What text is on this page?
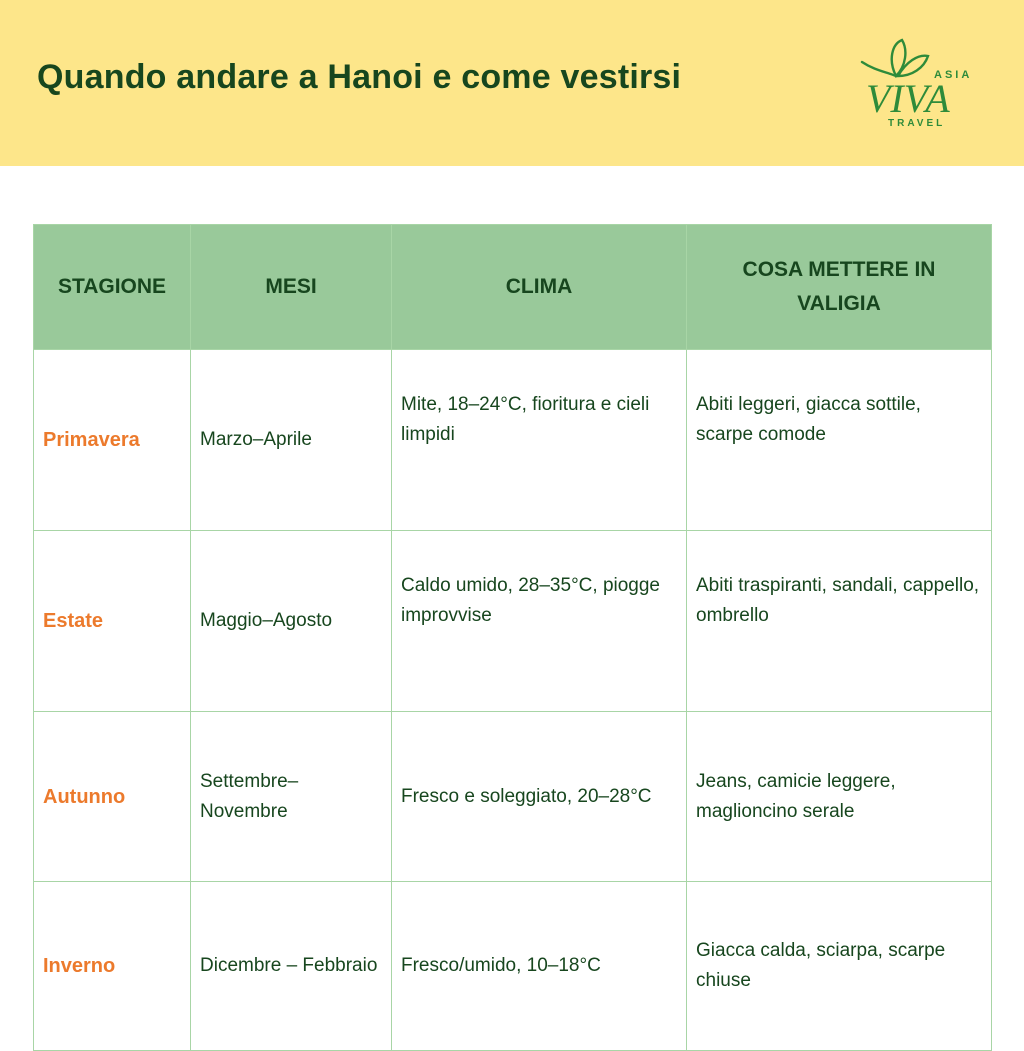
Quando andare a Hanoi e come vestirsi	ASIA
VIVA
TRAVEL
STAGIONE	MESI	CLIMA	COSA METTERE IN VALIGIA
Primavera	Marzo–Aprile	Mite, 18–24°C, fioritura e cieli limpidi	Abiti leggeri, giacca sottile, scarpe comode
Estate	Maggio–Agosto	Caldo umido, 28–35°C, piogge improvvise	Abiti traspiranti, sandali, cappello, ombrello
Autunno	Settembre–Novembre	Fresco e soleggiato, 20–28°C	Jeans, camicie leggere, maglioncino serale
Inverno	Dicembre – Febbraio	Fresco/umido, 10–18°C	Giacca calda, sciarpa, scarpe chiuse
